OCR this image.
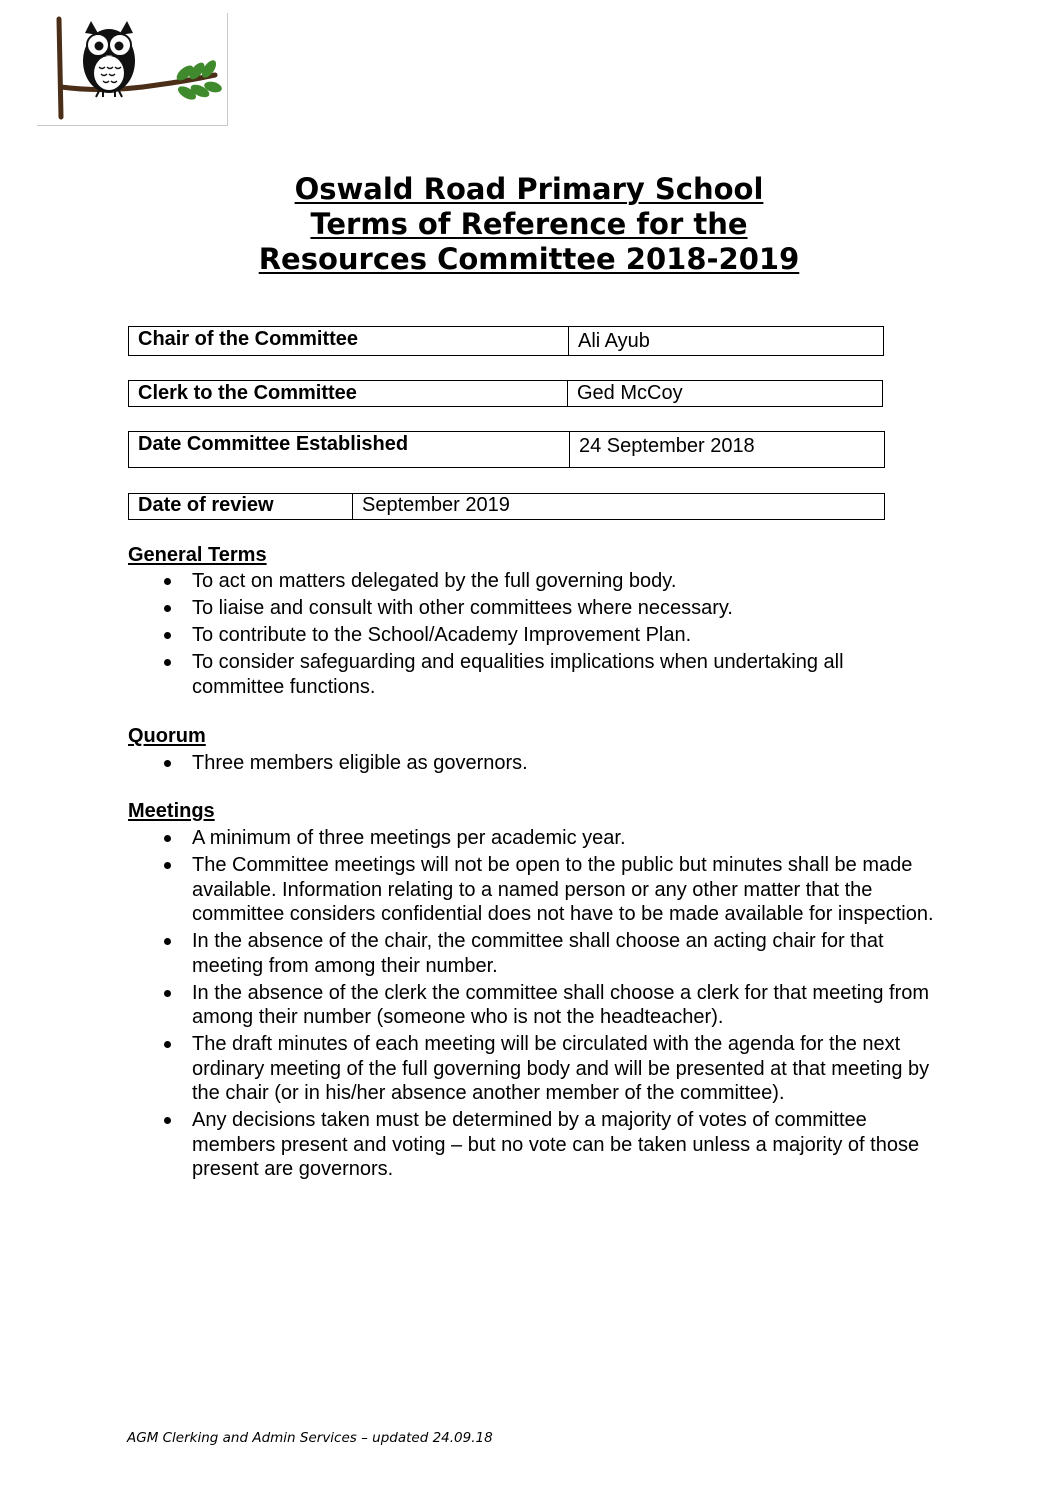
Oswald Road Primary School
Terms of Reference for the
Resources Committee 2018-2019
Chair of the Committee	Ali Ayub
Clerk to the Committee	Ged McCoy
Date Committee Established	24 September 2018
Date of review	September 2019
General Terms
To act on matters delegated by the full governing body.
To liaise and consult with other committees where necessary.
To contribute to the School/Academy Improvement Plan.
To consider safeguarding and equalities implications when undertaking all committee functions.
Quorum
Three members eligible as governors.
Meetings
A minimum of three meetings per academic year.
The Committee meetings will not be open to the public but minutes shall be made available. Information relating to a named person or any other matter that the committee considers confidential does not have to be made available for inspection.
In the absence of the chair, the committee shall choose an acting chair for that meeting from among their number.
In the absence of the clerk the committee shall choose a clerk for that meeting from among their number (someone who is not the headteacher).
The draft minutes of each meeting will be circulated with the agenda for the next ordinary meeting of the full governing body and will be presented at that meeting by the chair (or in his/her absence another member of the committee).
Any decisions taken must be determined by a majority of votes of committee members present and voting – but no vote can be taken unless a majority of those present are governors.
AGM Clerking and Admin Services – updated 24.09.18
